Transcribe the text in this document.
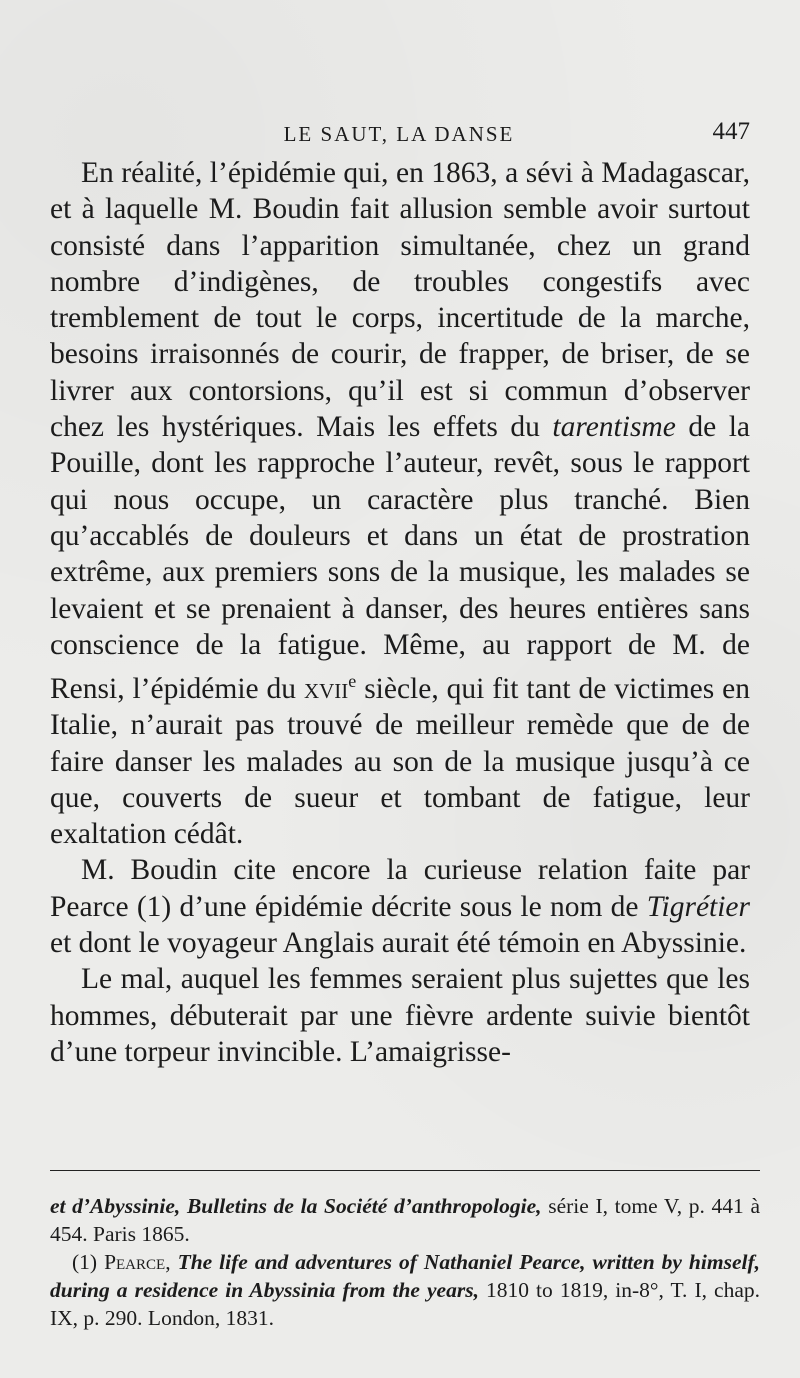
LE SAUT, LA DANSE	447

En réalité, l’épidémie qui, en 1863, a sévi à Madagascar, et à laquelle M. Boudin fait allusion semble avoir surtout consisté dans l’apparition simultanée, chez un grand nombre d’indigènes, de troubles congestifs avec tremblement de tout le corps, incertitude de la marche, besoins irraisonnés de courir, de frapper, de briser, de se livrer aux contorsions, qu’il est si commun d’observer chez les hystériques. Mais les effets du tarentisme de la Pouille, dont les rapproche l’auteur, revêt, sous le rapport qui nous occupe, un caractère plus tranché. Bien qu’accablés de douleurs et dans un état de prostration extrême, aux premiers sons de la musique, les malades se levaient et se prenaient à danser, des heures entières sans conscience de la fatigue. Même, au rapport de M. de Rensi, l’épidémie du xvii$^e$ siècle, qui fit tant de victimes en Italie, n’aurait pas trouvé de meilleur remède que de de faire danser les malades au son de la musique jusqu’à ce que, couverts de sueur et tombant de fatigue, leur exaltation cédât.

M. Boudin cite encore la curieuse relation faite par Pearce (1) d’une épidémie décrite sous le nom de Tigrétier et dont le voyageur Anglais aurait été témoin en Abyssinie.

Le mal, auquel les femmes seraient plus sujettes que les hommes, débuterait par une fièvre ardente suivie bientôt d’une torpeur invincible. L’amaigrisse-

et d’Abyssinie, Bulletins de la Société d’anthropologie, série I, tome V, p. 441 à 454. Paris 1865.

(1) Pearce, The life and adventures of Nathaniel Pearce, written by himself, during a residence in Abyssinia from the years, 1810 to 1819, in-8°, T. I, chap. IX, p. 290. London, 1831.
